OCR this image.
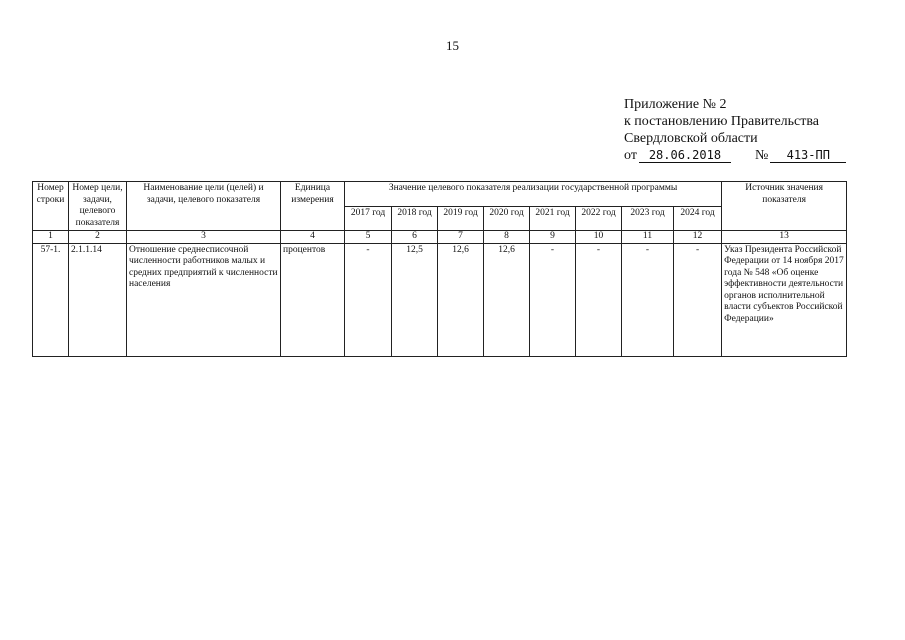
15
Приложение № 2
к постановлению Правительства
Свердловской области
от 28.06.2018 № 413-ПП
Номер строки	Номер цели, задачи, целевого показателя	Наименование цели (целей) и задачи, целевого показателя	Единица измерения	Значение целевого показателя реализации государственной программы								Источник значения показателя
				2017 год	2018 год	2019 год	2020 год	2021 год	2022 год	2023 год	2024 год	
1	2	3	4	5	6	7	8	9	10	11	12	13
57-1.	2.1.1.14	Отношение среднесписочной численности работников малых и средних предприятий к численности населения	процентов	-	12,5	12,6	12,6	-	-	-	-	Указ Президента Российской Федерации от 14 ноября 2017 года № 548 «Об оценке эффективности деятельности органов исполнительной власти субъектов Российской Федерации»
